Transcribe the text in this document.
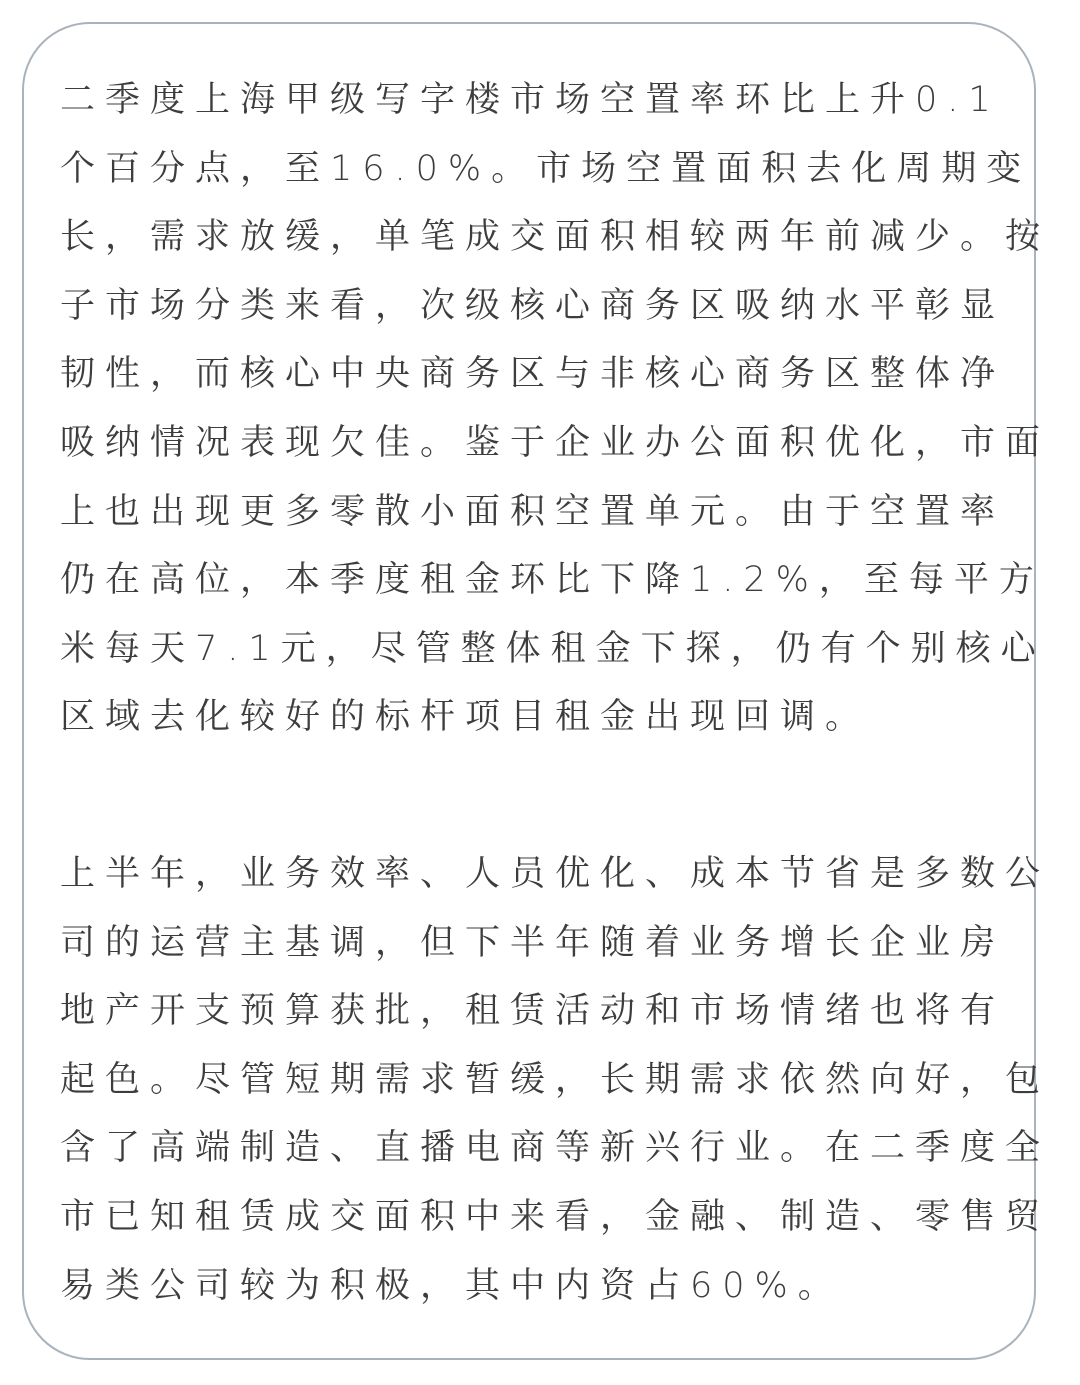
二季度上海甲级写字楼市场空置率环比上升0.1
个百分点，至16.0%。市场空置面积去化周期变
长，需求放缓，单笔成交面积相较两年前减少。按
子市场分类来看，次级核心商务区吸纳水平彰显
韧性，而核心中央商务区与非核心商务区整体净
吸纳情况表现欠佳。鉴于企业办公面积优化，市面
上也出现更多零散小面积空置单元。由于空置率
仍在高位，本季度租金环比下降1.2%，至每平方
米每天7.1元，尽管整体租金下探，仍有个别核心
区域去化较好的标杆项目租金出现回调。
上半年，业务效率、人员优化、成本节省是多数公
司的运营主基调，但下半年随着业务增长企业房
地产开支预算获批，租赁活动和市场情绪也将有
起色。尽管短期需求暂缓，长期需求依然向好，包
含了高端制造、直播电商等新兴行业。在二季度全
市已知租赁成交面积中来看，金融、制造、零售贸
易类公司较为积极，其中内资占60%。
